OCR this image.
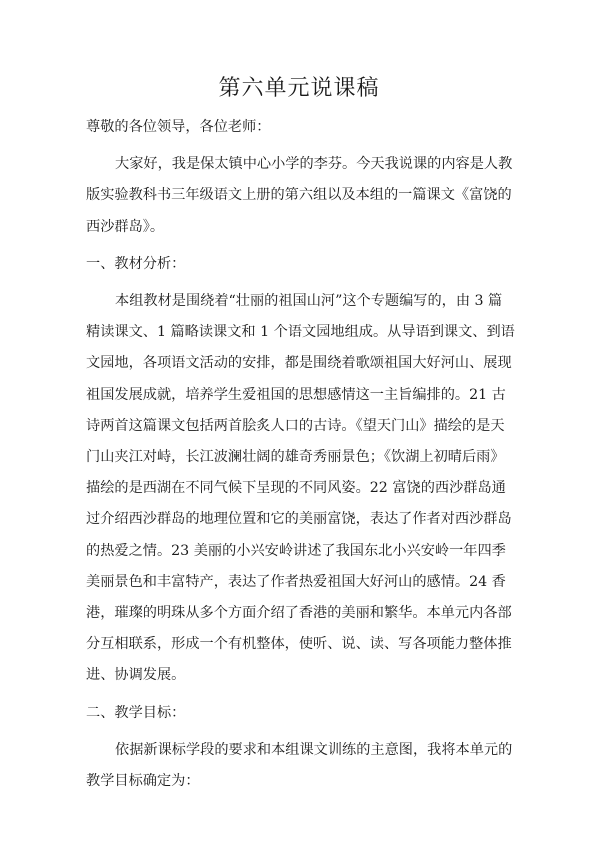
第六单元说课稿

尊敬的各位领导，各位老师：

大家好，我是保太镇中心小学的李芬。今天我说课的内容是人教

版实验教科书三年级语文上册的第六组以及本组的一篇课文《富饶的

西沙群岛》。

一、教材分析：

本组教材是围绕着“壮丽的祖国山河”这个专题编写的，由 3 篇

精读课文、1 篇略读课文和 1 个语文园地组成。从导语到课文、到语

文园地，各项语文活动的安排，都是围绕着歌颂祖国大好河山、展现

祖国发展成就，培养学生爱祖国的思想感情这一主旨编排的。21 古

诗两首这篇课文包括两首脍炙人口的古诗。《望天门山》描绘的是天

门山夹江对峙，长江波澜壮阔的雄奇秀丽景色；《饮湖上初晴后雨》

描绘的是西湖在不同气候下呈现的不同风姿。22 富饶的西沙群岛通

过介绍西沙群岛的地理位置和它的美丽富饶，表达了作者对西沙群岛

的热爱之情。23 美丽的小兴安岭讲述了我国东北小兴安岭一年四季

美丽景色和丰富特产，表达了作者热爱祖国大好河山的感情。24 香

港，璀璨的明珠从多个方面介绍了香港的美丽和繁华。本单元内各部

分互相联系，形成一个有机整体，使听、说、读、写各项能力整体推

进、协调发展。

二、教学目标：

依据新课标学段的要求和本组课文训练的主意图，我将本单元的

教学目标确定为：
